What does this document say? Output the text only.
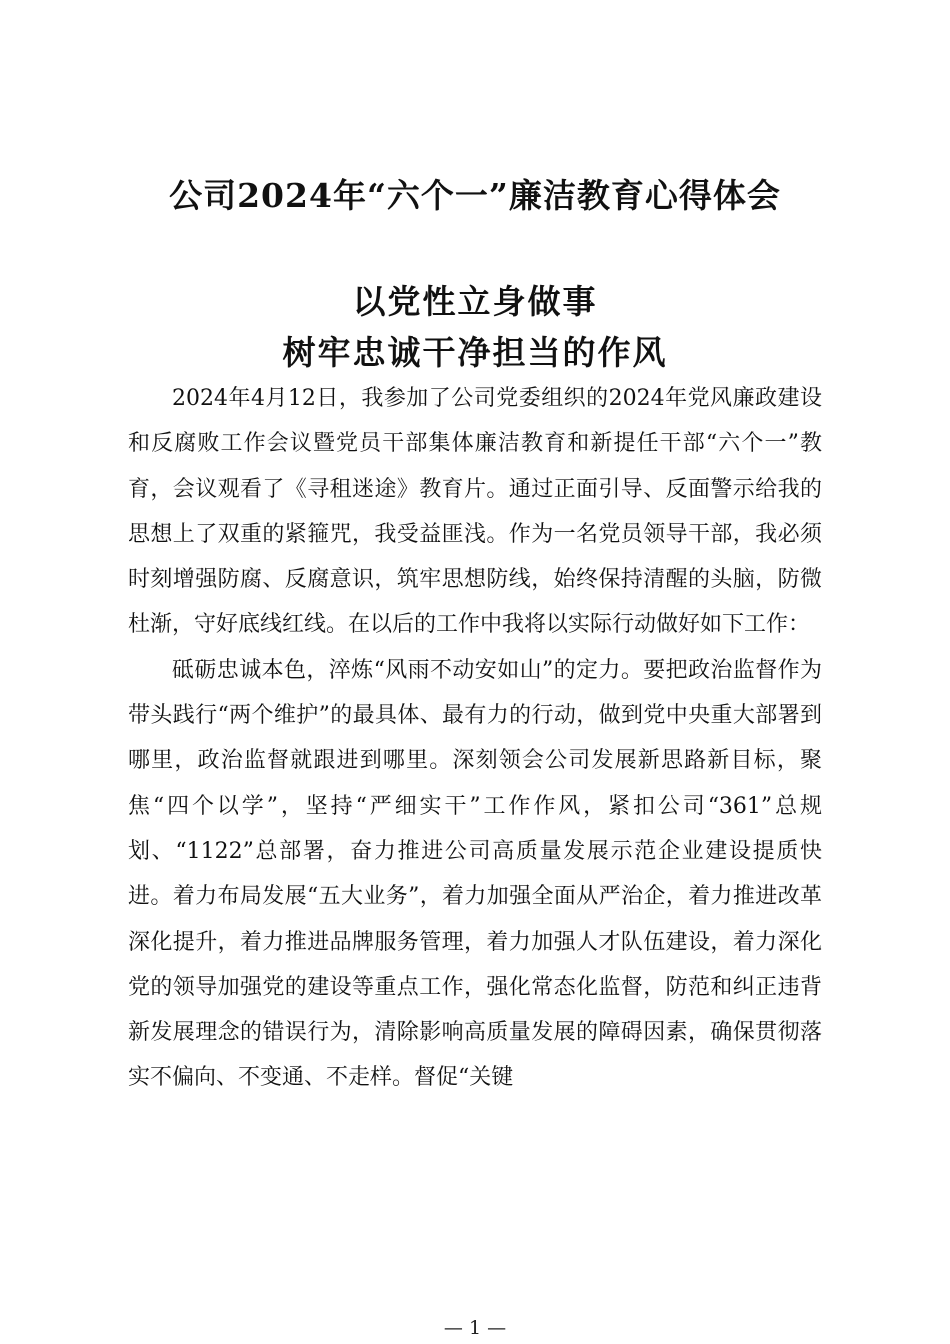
公司2024年“六个一”廉洁教育心得体会
以党性立身做事
树牢忠诚干净担当的作风

2024年4月12日，我参加了公司党委组织的2024年党风廉政建设和反腐败工作会议暨党员干部集体廉洁教育和新提任干部“六个一”教育，会议观看了《寻租迷途》教育片。通过正面引导、反面警示给我的思想上了双重的紧箍咒，我受益匪浅。作为一名党员领导干部，我必须时刻增强防腐、反腐意识，筑牢思想防线，始终保持清醒的头脑，防微杜渐，守好底线红线。在以后的工作中我将以实际行动做好如下工作：

砥砺忠诚本色，淬炼“风雨不动安如山”的定力。要把政治监督作为带头践行“两个维护”的最具体、最有力的行动，做到党中央重大部署到哪里，政治监督就跟进到哪里。深刻领会公司发展新思路新目标，聚焦“四个以学”，坚持“严细实干”工作作风，紧扣公司“361”总规划、“1122”总部署，奋力推进公司高质量发展示范企业建设提质快进。着力布局发展“五大业务”，着力加强全面从严治企，着力推进改革深化提升，着力推进品牌服务管理，着力加强人才队伍建设，着力深化党的领导加强党的建设等重点工作，强化常态化监督，防范和纠正违背新发展理念的错误行为，清除影响高质量发展的障碍因素，确保贯彻落实不偏向、不变通、不走样。督促“关键

— 1 —
